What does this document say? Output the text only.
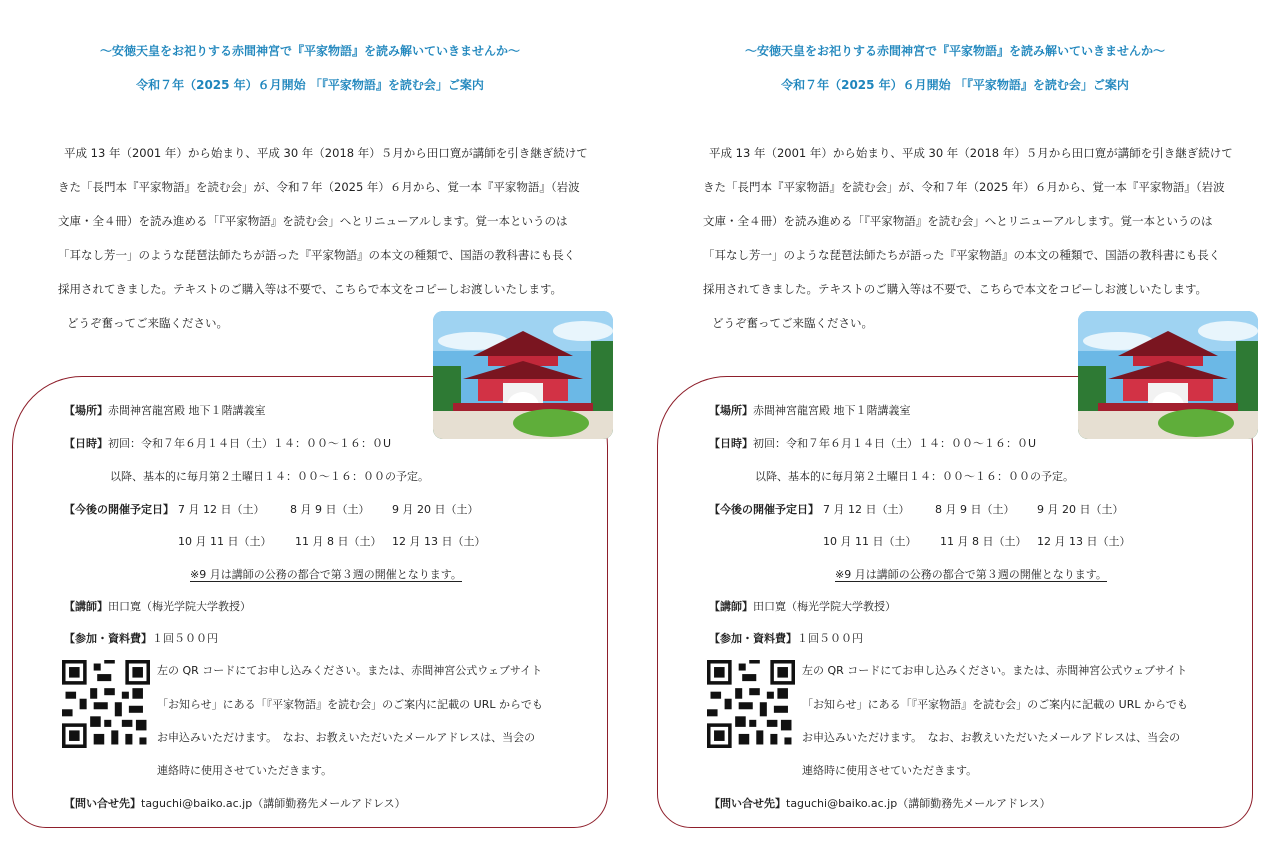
〜安徳天皇をお祀りする赤間神宮で『平家物語』を読み解いていきませんか〜
令和７年（2025 年）６月開始 「『平家物語』を読む会」ご案内

平成 13 年（2001 年）から始まり、平成 30 年（2018 年）５月から田口寛が講師を引き継ぎ続けて

きた「長門本『平家物語』を読む会」が、令和７年（2025 年）６月から、覚一本『平家物語』（岩波

文庫・全４冊）を読み進める「『平家物語』を読む会」へとリニューアルします。覚一本というのは

「耳なし芳一」のような琵琶法師たちが語った『平家物語』の本文の種類で、国語の教科書にも長く

採用されてきました。テキストのご購入等は不要で、こちらで本文をコピーしお渡しいたします。

どうぞ奮ってご来臨ください。

【場所】赤間神宮龍宮殿 地下１階講義室
【日時】初回：令和７年６月１４日（土）１４：００〜１６：０U
以降、基本的に毎月第２土曜日１４：００〜１６：００の予定。
【今後の開催予定日】 7 月 12 日（土） 8 月 9 日（土） 9 月 20 日（土）
10 月 11 日（土） 11 月 8 日（土） 12 月 13 日（土）
※9 月は講師の公務の都合で第３週の開催となります。
【講師】田口寛（梅光学院大学教授）
【参加・資料費】１回５００円
左の QR コードにてお申し込みください。または、赤間神宮公式ウェブサイト
「お知らせ」にある「『平家物語』を読む会」のご案内に記載の URL からでも
お申込みいただけます。　なお、お教えいただいたメールアドレスは、当会の
連絡時に使用させていただきます。
【問い合せ先】taguchi@baiko.ac.jp（講師勤務先メールアドレス）
〜安徳天皇をお祀りする赤間神宮で『平家物語』を読み解いていきませんか〜
令和７年（2025 年）６月開始 「『平家物語』を読む会」ご案内

平成 13 年（2001 年）から始まり、平成 30 年（2018 年）５月から田口寛が講師を引き継ぎ続けて

きた「長門本『平家物語』を読む会」が、令和７年（2025 年）６月から、覚一本『平家物語』（岩波

文庫・全４冊）を読み進める「『平家物語』を読む会」へとリニューアルします。覚一本というのは

「耳なし芳一」のような琵琶法師たちが語った『平家物語』の本文の種類で、国語の教科書にも長く

採用されてきました。テキストのご購入等は不要で、こちらで本文をコピーしお渡しいたします。

どうぞ奮ってご来臨ください。

【場所】赤間神宮龍宮殿 地下１階講義室
【日時】初回：令和７年６月１４日（土）１４：００〜１６：０U
以降、基本的に毎月第２土曜日１４：００〜１６：００の予定。
【今後の開催予定日】 7 月 12 日（土） 8 月 9 日（土） 9 月 20 日（土）
10 月 11 日（土） 11 月 8 日（土） 12 月 13 日（土）
※9 月は講師の公務の都合で第３週の開催となります。
【講師】田口寛（梅光学院大学教授）
【参加・資料費】１回５００円
左の QR コードにてお申し込みください。または、赤間神宮公式ウェブサイト
「お知らせ」にある「『平家物語』を読む会」のご案内に記載の URL からでも
お申込みいただけます。　なお、お教えいただいたメールアドレスは、当会の
連絡時に使用させていただきます。
【問い合せ先】taguchi@baiko.ac.jp（講師勤務先メールアドレス）
